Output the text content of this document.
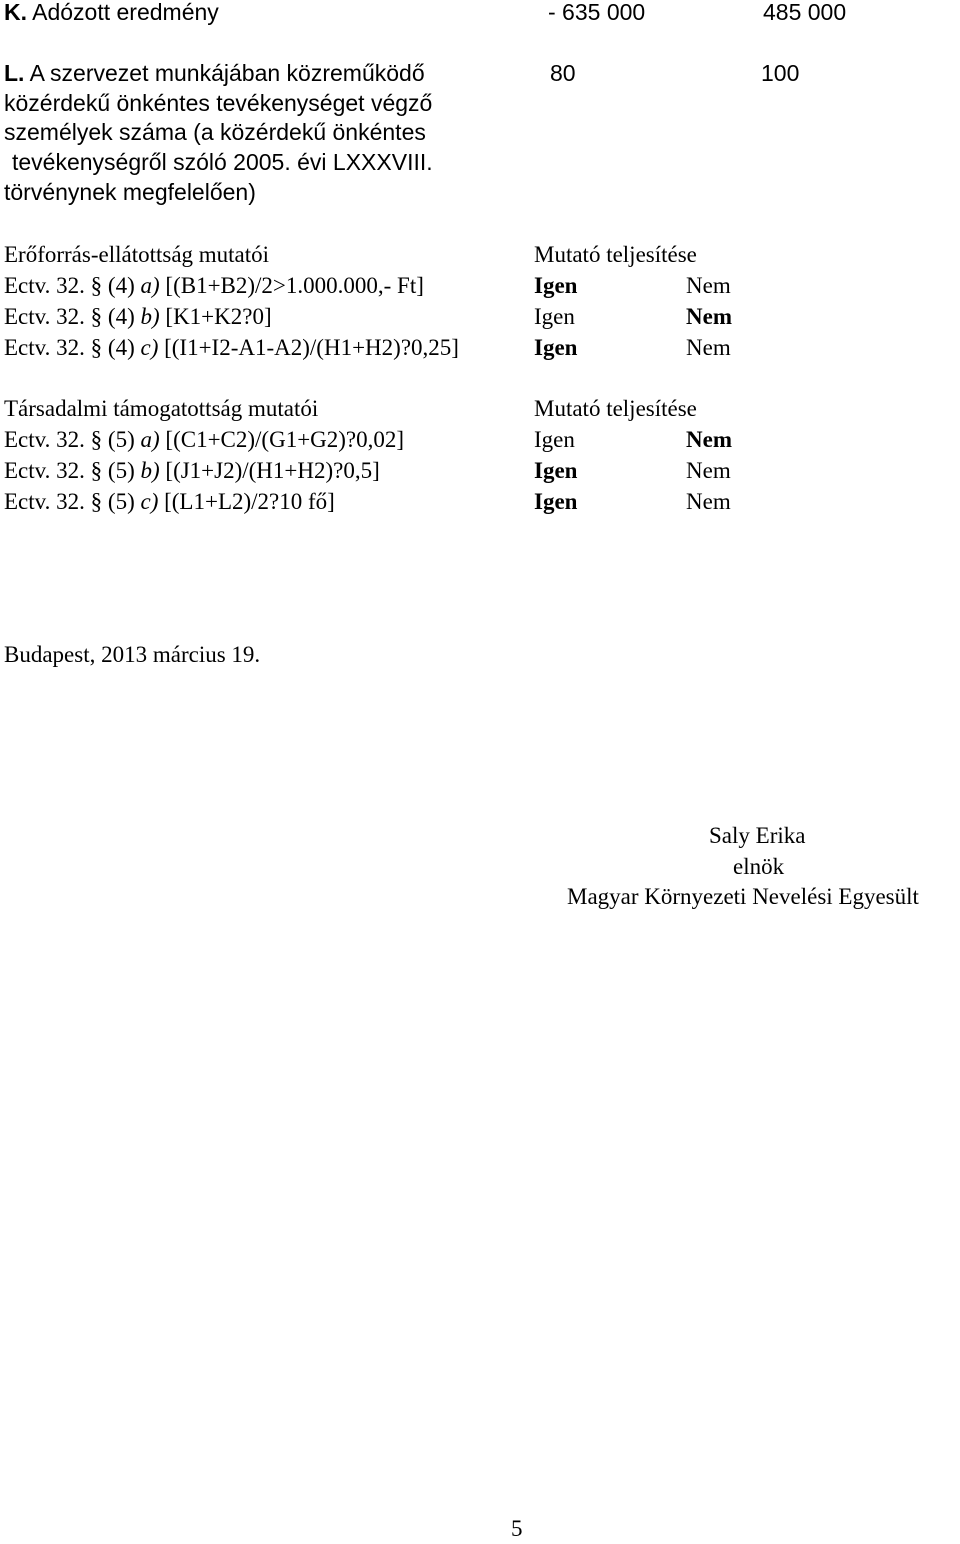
K. Adózott eredmény	- 635 000	485 000
L. A szervezet munkájában közreműködő
közérdekű önkéntes tevékenységet végző
személyek száma (a közérdekű önkéntes
tevékenységről szóló 2005. évi LXXXVIII.
törvénynek megfelelően)
80	100
Erőforrás-ellátottság mutatói	Mutató teljesítése
Ectv. 32. § (4) a) [(B1+B2)/2>1.000.000,- Ft]	Igen	Nem
Ectv. 32. § (4) b) [K1+K2?0]	Igen	Nem
Ectv. 32. § (4) c) [(I1+I2-A1-A2)/(H1+H2)?0,25]	Igen	Nem
Társadalmi támogatottság mutatói	Mutató teljesítése
Ectv. 32. § (5) a) [(C1+C2)/(G1+G2)?0,02]	Igen	Nem
Ectv. 32. § (5) b) [(J1+J2)/(H1+H2)?0,5]	Igen	Nem
Ectv. 32. § (5) c) [(L1+L2)/2?10 fő]	Igen	Nem
Budapest, 2013 március 19.
Saly Erika
elnök
Magyar Környezeti Nevelési Egyesült
5
